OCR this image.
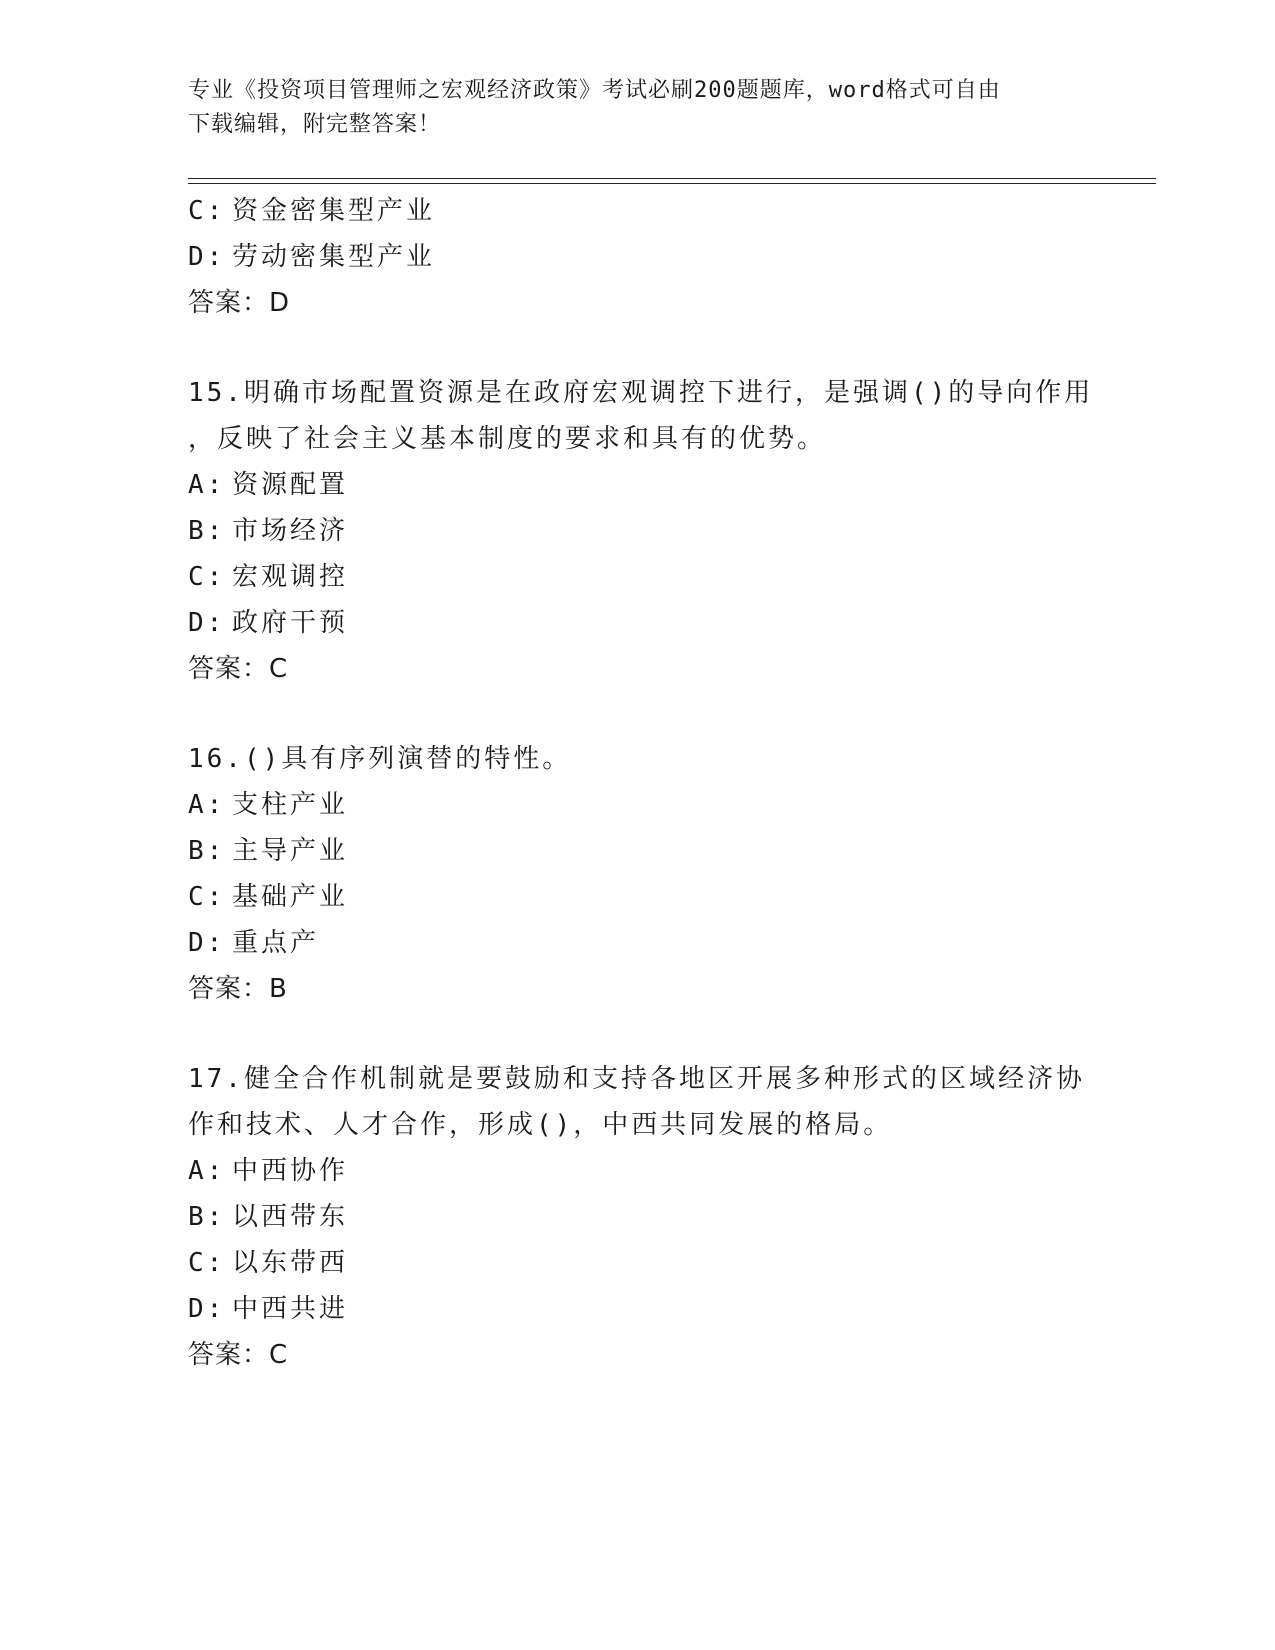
专业《投资项目管理师之宏观经济政策》考试必刷200题题库，word格式可自由
下载编辑，附完整答案！
C: 资金密集型产业
D: 劳动密集型产业
答案：D
15.明确市场配置资源是在政府宏观调控下进行，是强调()的导向作用
，反映了社会主义基本制度的要求和具有的优势。
A: 资源配置
B: 市场经济
C: 宏观调控
D: 政府干预
答案：C
16.()具有序列演替的特性。
A: 支柱产业
B: 主导产业
C: 基础产业
D: 重点产
答案：B
17.健全合作机制就是要鼓励和支持各地区开展多种形式的区域经济协
作和技术、人才合作，形成()，中西共同发展的格局。
A: 中西协作
B: 以西带东
C: 以东带西
D: 中西共进
答案：C
